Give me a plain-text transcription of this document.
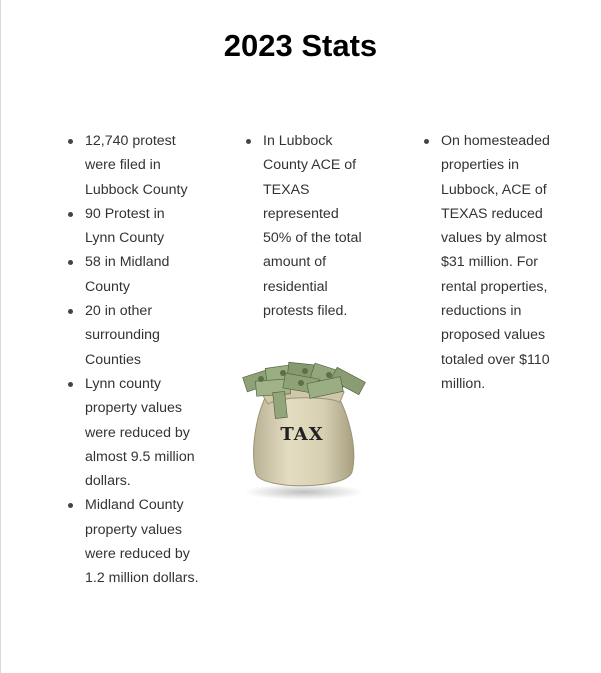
2023 Stats
12,740 protest were filed in Lubbock County
90 Protest in Lynn County
58 in Midland County
20 in other surrounding Counties
Lynn county property values were reduced by almost 9.5 million dollars.
Midland County property values were reduced by 1.2 million dollars.
In Lubbock County ACE of TEXAS represented 50% of the total amount of residential protests filed.
On homesteaded properties in Lubbock, ACE of TEXAS reduced values by almost $31 million. For rental properties, reductions in proposed values totaled over $110 million.
TAX
